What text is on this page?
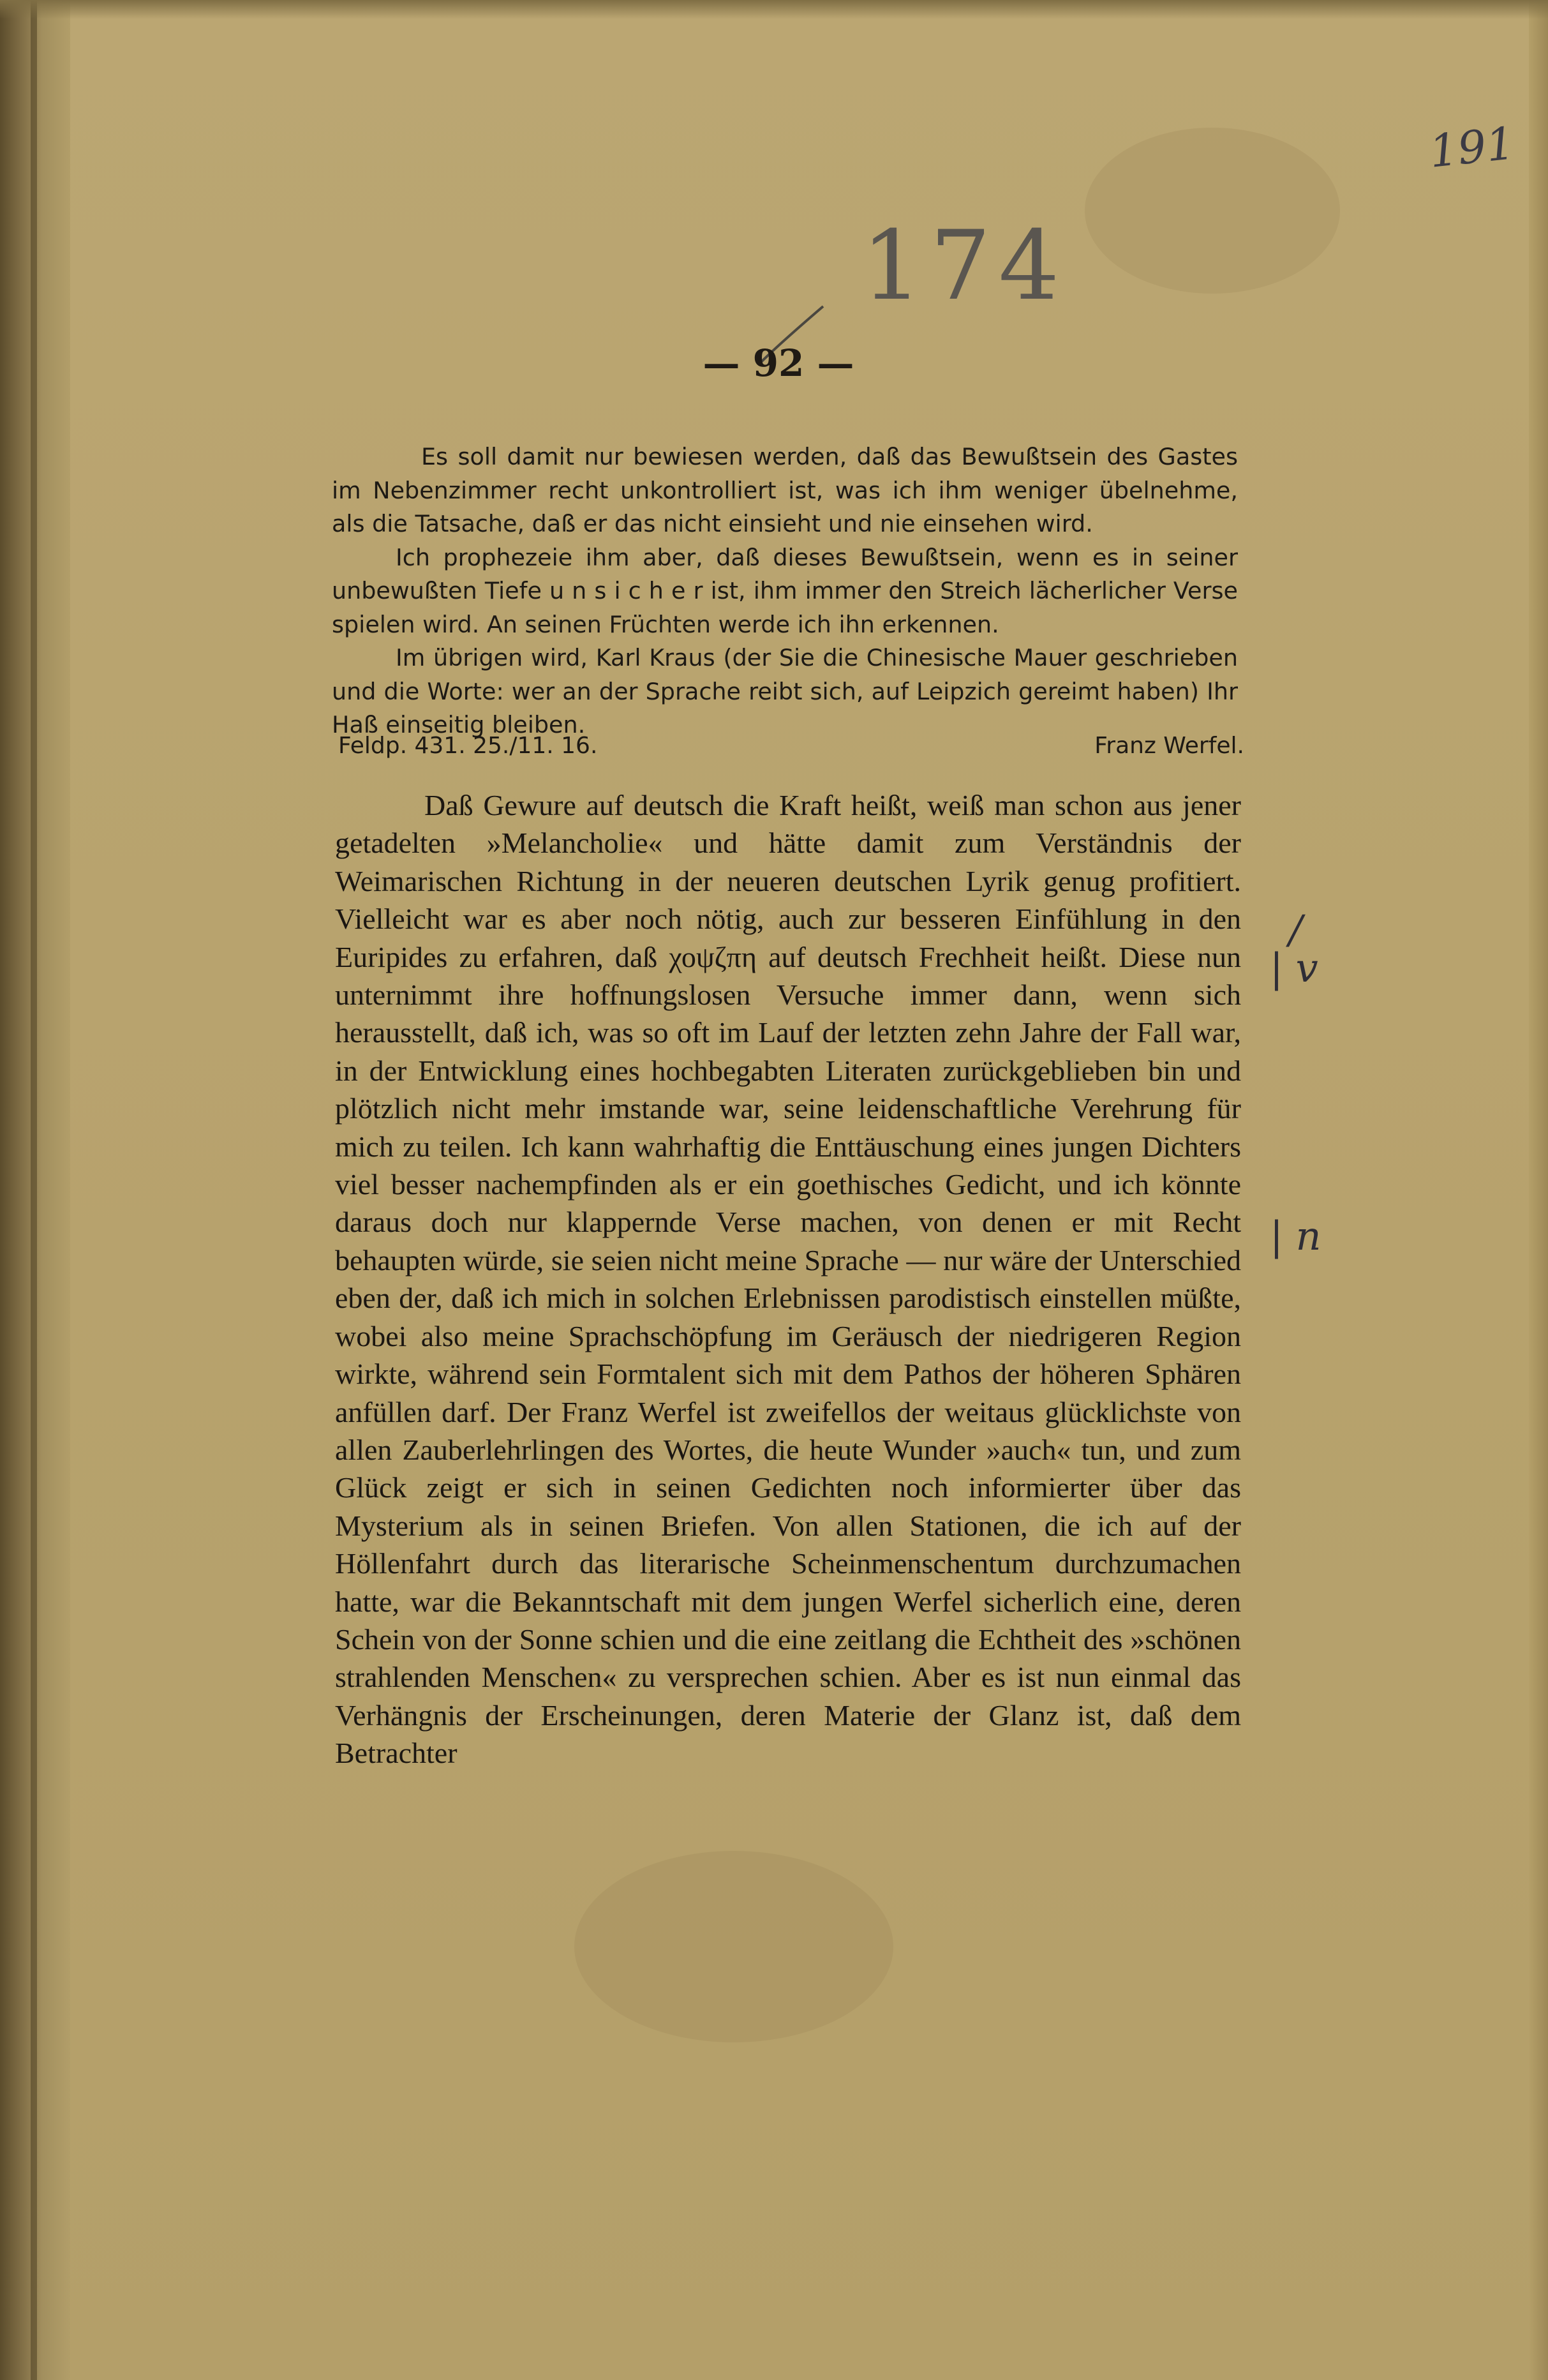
191
174
— 92 —

Es soll damit nur bewiesen werden, daß das Bewußtsein des Gastes im Nebenzimmer recht unkontrolliert ist, was ich ihm weniger übelnehme, als die Tatsache, daß er das nicht einsieht und nie einsehen wird.

Ich prophezeie ihm aber, daß dieses Bewußtsein, wenn es in seiner unbewußten Tiefe u n s i c h e r ist, ihm immer den Streich lächerlicher Verse spielen wird. An seinen Früchten werde ich ihn erkennen.

Im übrigen wird, Karl Kraus (der Sie die Chinesische Mauer geschrieben und die Worte: wer an der Sprache reibt sich, auf Leipzich gereimt haben) Ihr Haß einseitig bleiben.

Feldp. 431. 25./11. 16.	Franz Werfel.

Daß Gewure auf deutsch die Kraft heißt, weiß man schon aus jener getadelten »Melancholie« und hätte damit zum Verständnis der Weimarischen Richtung in der neueren deutschen Lyrik genug profitiert. Vielleicht war es aber noch nötig, auch zur besseren Einfühlung in den Euripides zu erfahren, daß χοψζπη auf deutsch Frechheit heißt. Diese nun unternimmt ihre hoffnungslosen Versuche immer dann, wenn sich herausstellt, daß ich, was so oft im Lauf der letzten zehn Jahre der Fall war, in der Entwicklung eines hochbegabten Literaten zurückgeblieben bin und plötzlich nicht mehr imstande war, seine leidenschaftliche Verehrung für mich zu teilen. Ich kann wahrhaftig die Enttäuschung eines jungen Dichters viel besser nachempfinden als er ein goethisches Gedicht, und ich könnte daraus doch nur klappernde Verse machen, von denen er mit Recht behaupten würde, sie seien nicht meine Sprache — nur wäre der Unterschied eben der, daß ich mich in solchen Erlebnissen parodistisch einstellen müßte, wobei also meine Sprachschöpfung im Geräusch der niedrigeren Region wirkte, während sein Formtalent sich mit dem Pathos der höheren Sphären anfüllen darf. Der Franz Werfel ist zweifellos der weitaus glücklichste von allen Zauberlehrlingen des Wortes, die heute Wunder »auch« tun, und zum Glück zeigt er sich in seinen Gedichten noch informierter über das Mysterium als in seinen Briefen. Von allen Stationen, die ich auf der Höllenfahrt durch das literarische Scheinmenschentum durchzumachen hatte, war die Bekanntschaft mit dem jungen Werfel sicherlich eine, deren Schein von der Sonne schien und die eine zeitlang die Echtheit des »schönen strahlenden Menschen« zu versprechen schien. Aber es ist nun einmal das Verhängnis der Erscheinungen, deren Materie der Glanz ist, daß dem Betrachter

/
| v
| n
